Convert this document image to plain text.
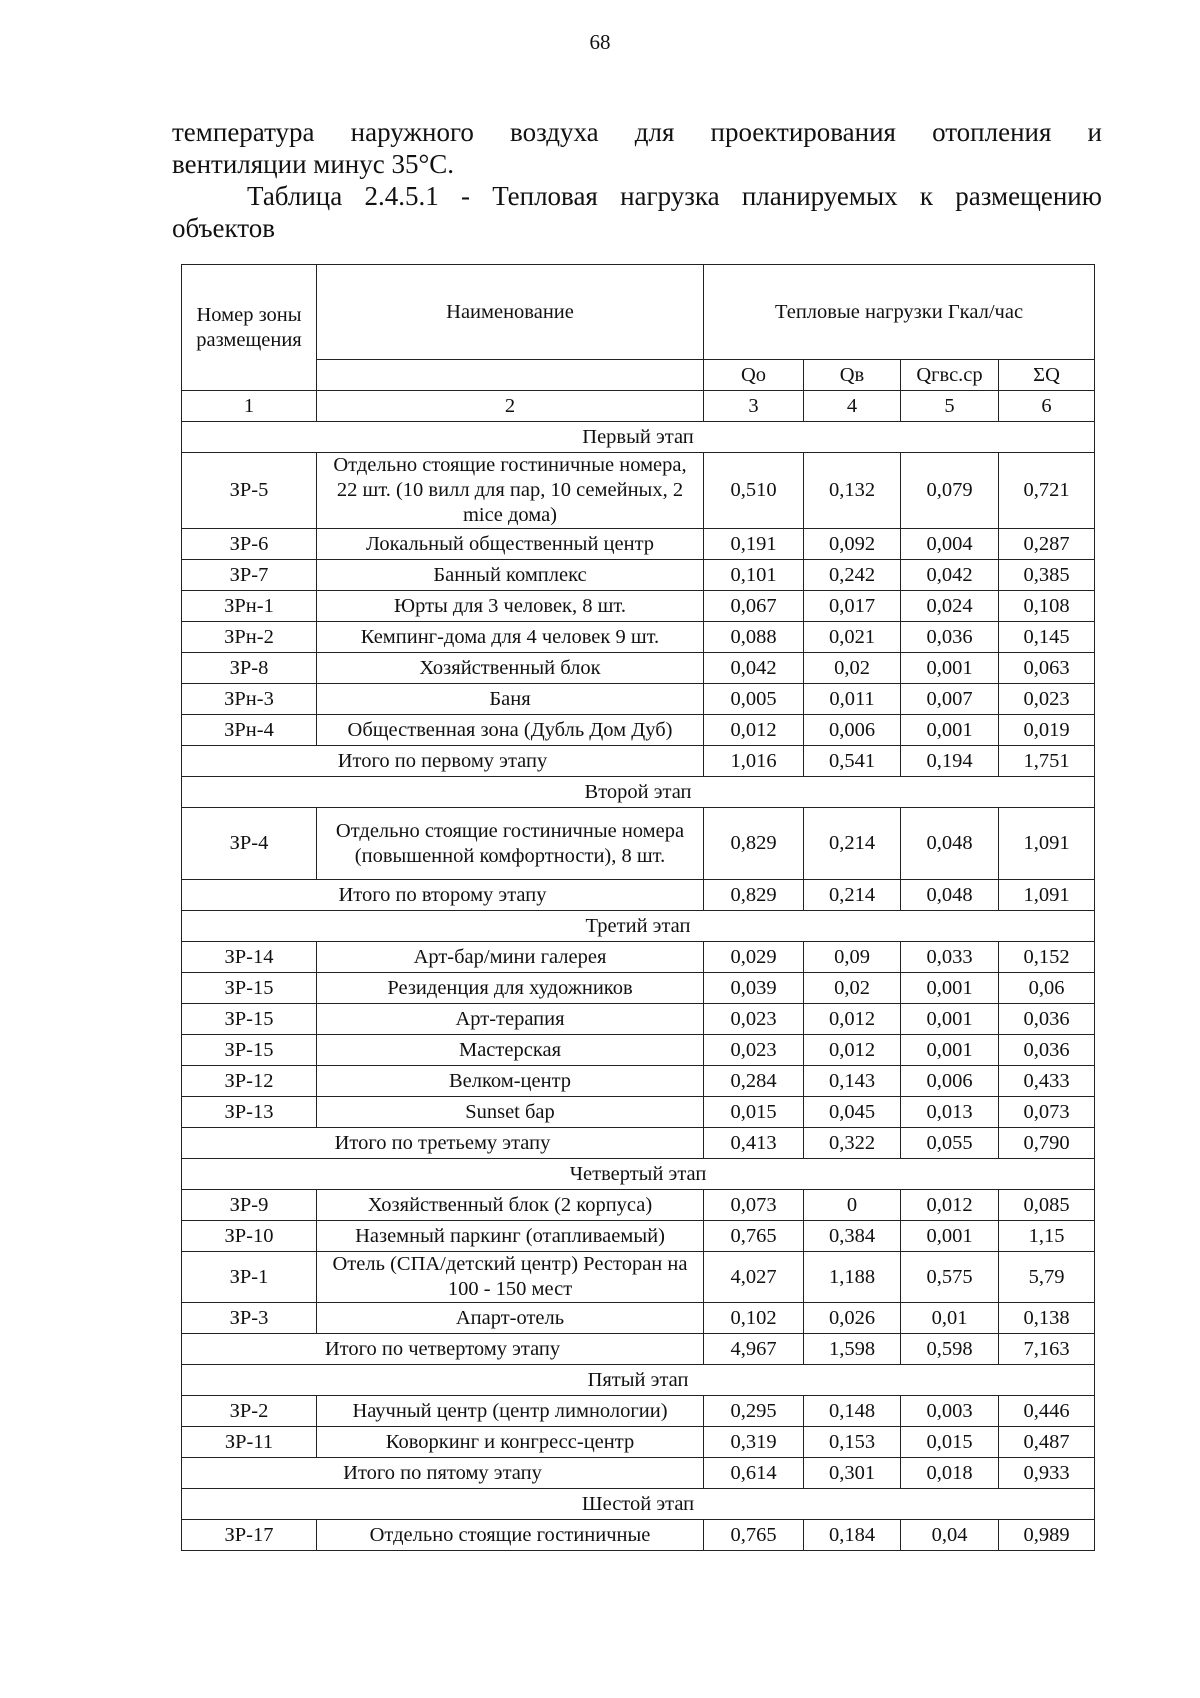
68
температура наружного воздуха для проектирования отопления и
вентиляции минус 35°С.
Таблица 2.4.5.1 - Тепловая нагрузка планируемых к размещению
объектов
Номер зоны размещения	Наименование	Тепловые нагрузки Гкал/час			
		Qо	Qв	Qгвс.ср	ΣQ
1	2	3	4	5	6
Первый этап					
ЗР-5	Отдельно стоящие гостиничные номера, 22 шт. (10 вилл для пар, 10 семейных, 2 mice дома)	0,510	0,132	0,079	0,721
ЗР-6	Локальный общественный центр	0,191	0,092	0,004	0,287
ЗР-7	Банный комплекс	0,101	0,242	0,042	0,385
ЗРн-1	Юрты для 3 человек, 8 шт.	0,067	0,017	0,024	0,108
ЗРн-2	Кемпинг-дома для 4 человек 9 шт.	0,088	0,021	0,036	0,145
ЗР-8	Хозяйственный блок	0,042	0,02	0,001	0,063
ЗРн-3	Баня	0,005	0,011	0,007	0,023
ЗРн-4	Общественная зона (Дубль Дом Дуб)	0,012	0,006	0,001	0,019
Итого по первому этапу		1,016	0,541	0,194	1,751
Второй этап					
ЗР-4	Отдельно стоящие гостиничные номера (повышенной комфортности), 8 шт.	0,829	0,214	0,048	1,091
Итого по второму этапу		0,829	0,214	0,048	1,091
Третий этап					
ЗР-14	Арт-бар/мини галерея	0,029	0,09	0,033	0,152
ЗР-15	Резиденция для художников	0,039	0,02	0,001	0,06
ЗР-15	Арт-терапия	0,023	0,012	0,001	0,036
ЗР-15	Мастерская	0,023	0,012	0,001	0,036
ЗР-12	Велком-центр	0,284	0,143	0,006	0,433
ЗР-13	Sunset бар	0,015	0,045	0,013	0,073
Итого по третьему этапу		0,413	0,322	0,055	0,790
Четвертый этап					
ЗР-9	Хозяйственный блок (2 корпуса)	0,073	0	0,012	0,085
ЗР-10	Наземный паркинг (отапливаемый)	0,765	0,384	0,001	1,15
ЗР-1	Отель (СПА/детский центр) Ресторан на 100 - 150 мест	4,027	1,188	0,575	5,79
ЗР-3	Апарт-отель	0,102	0,026	0,01	0,138
Итого по четвертому этапу		4,967	1,598	0,598	7,163
Пятый этап					
ЗР-2	Научный центр (центр лимнологии)	0,295	0,148	0,003	0,446
ЗР-11	Коворкинг и конгресс-центр	0,319	0,153	0,015	0,487
Итого по пятому этапу		0,614	0,301	0,018	0,933
Шестой этап					
ЗР-17	Отдельно стоящие гостиничные	0,765	0,184	0,04	0,989
